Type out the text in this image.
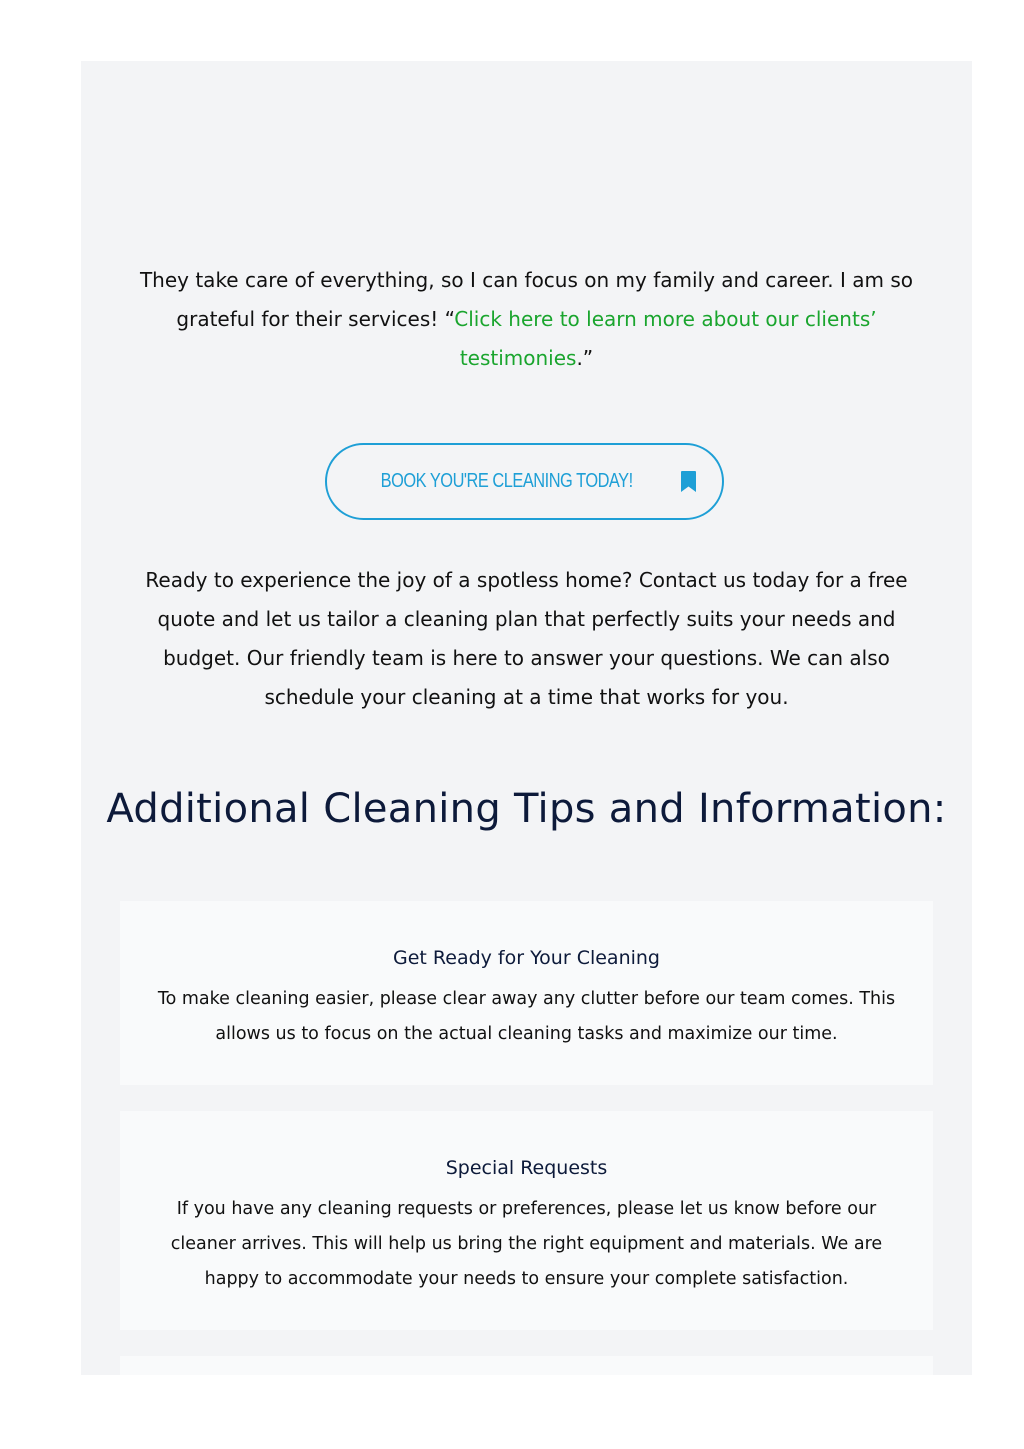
They take care of everything, so I can focus on my family and career. I am so grateful for their services! “Click here to learn more about our clients’ testimonies.”
BOOK YOU'RE CLEANING TODAY!
Ready to experience the joy of a spotless home? Contact us today for a free quote and let us tailor a cleaning plan that perfectly suits your needs and budget. Our friendly team is here to answer your questions. We can also schedule your cleaning at a time that works for you.
Additional Cleaning Tips and Information:
Get Ready for Your Cleaning

To make cleaning easier, please clear away any clutter before our team comes. This allows us to focus on the actual cleaning tasks and maximize our time.

Special Requests

If you have any cleaning requests or preferences, please let us know before our cleaner arrives. This will help us bring the right equipment and materials. We are happy to accommodate your needs to ensure your complete satisfaction.
